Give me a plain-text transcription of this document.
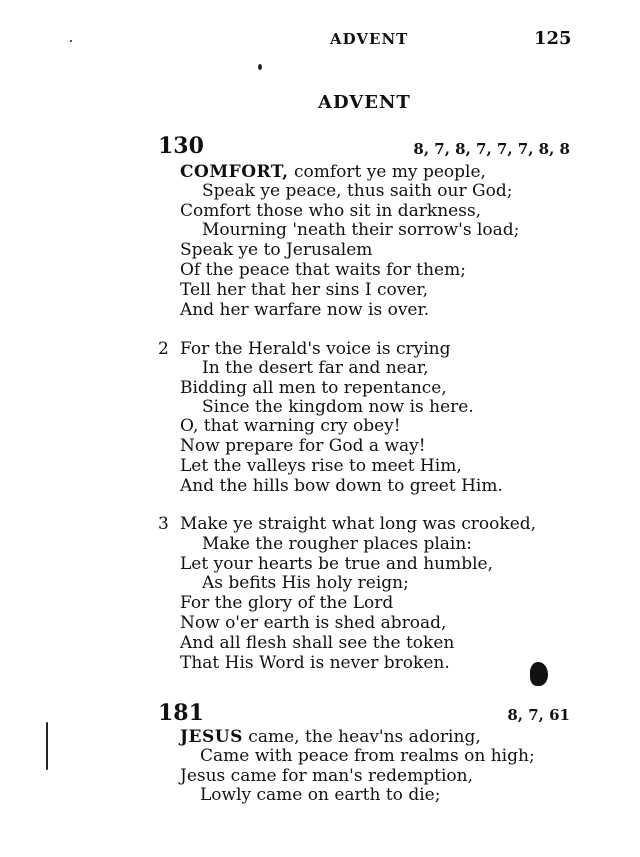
ADVENT	125
ADVENT
130	8, 7, 8, 7, 7, 7, 8, 8
COMFORT, comfort ye my people,
Speak ye peace, thus saith our God;
Comfort those who sit in darkness,
Mourning 'neath their sorrow's load;
Speak ye to Jerusalem
Of the peace that waits for them;
Tell her that her sins I cover,
And her warfare now is over.
2 For the Herald's voice is crying
In the desert far and near,
Bidding all men to repentance,
Since the kingdom now is here.
O, that warning cry obey!
Now prepare for God a way!
Let the valleys rise to meet Him,
And the hills bow down to greet Him.
3 Make ye straight what long was crooked,
Make the rougher places plain:
Let your hearts be true and humble,
As befits His holy reign;
For the glory of the Lord
Now o'er earth is shed abroad,
And all flesh shall see the token
That His Word is never broken.
181	8, 7, 61
JESUS came, the heav'ns adoring,
Came with peace from realms on high;
Jesus came for man's redemption,
Lowly came on earth to die;
